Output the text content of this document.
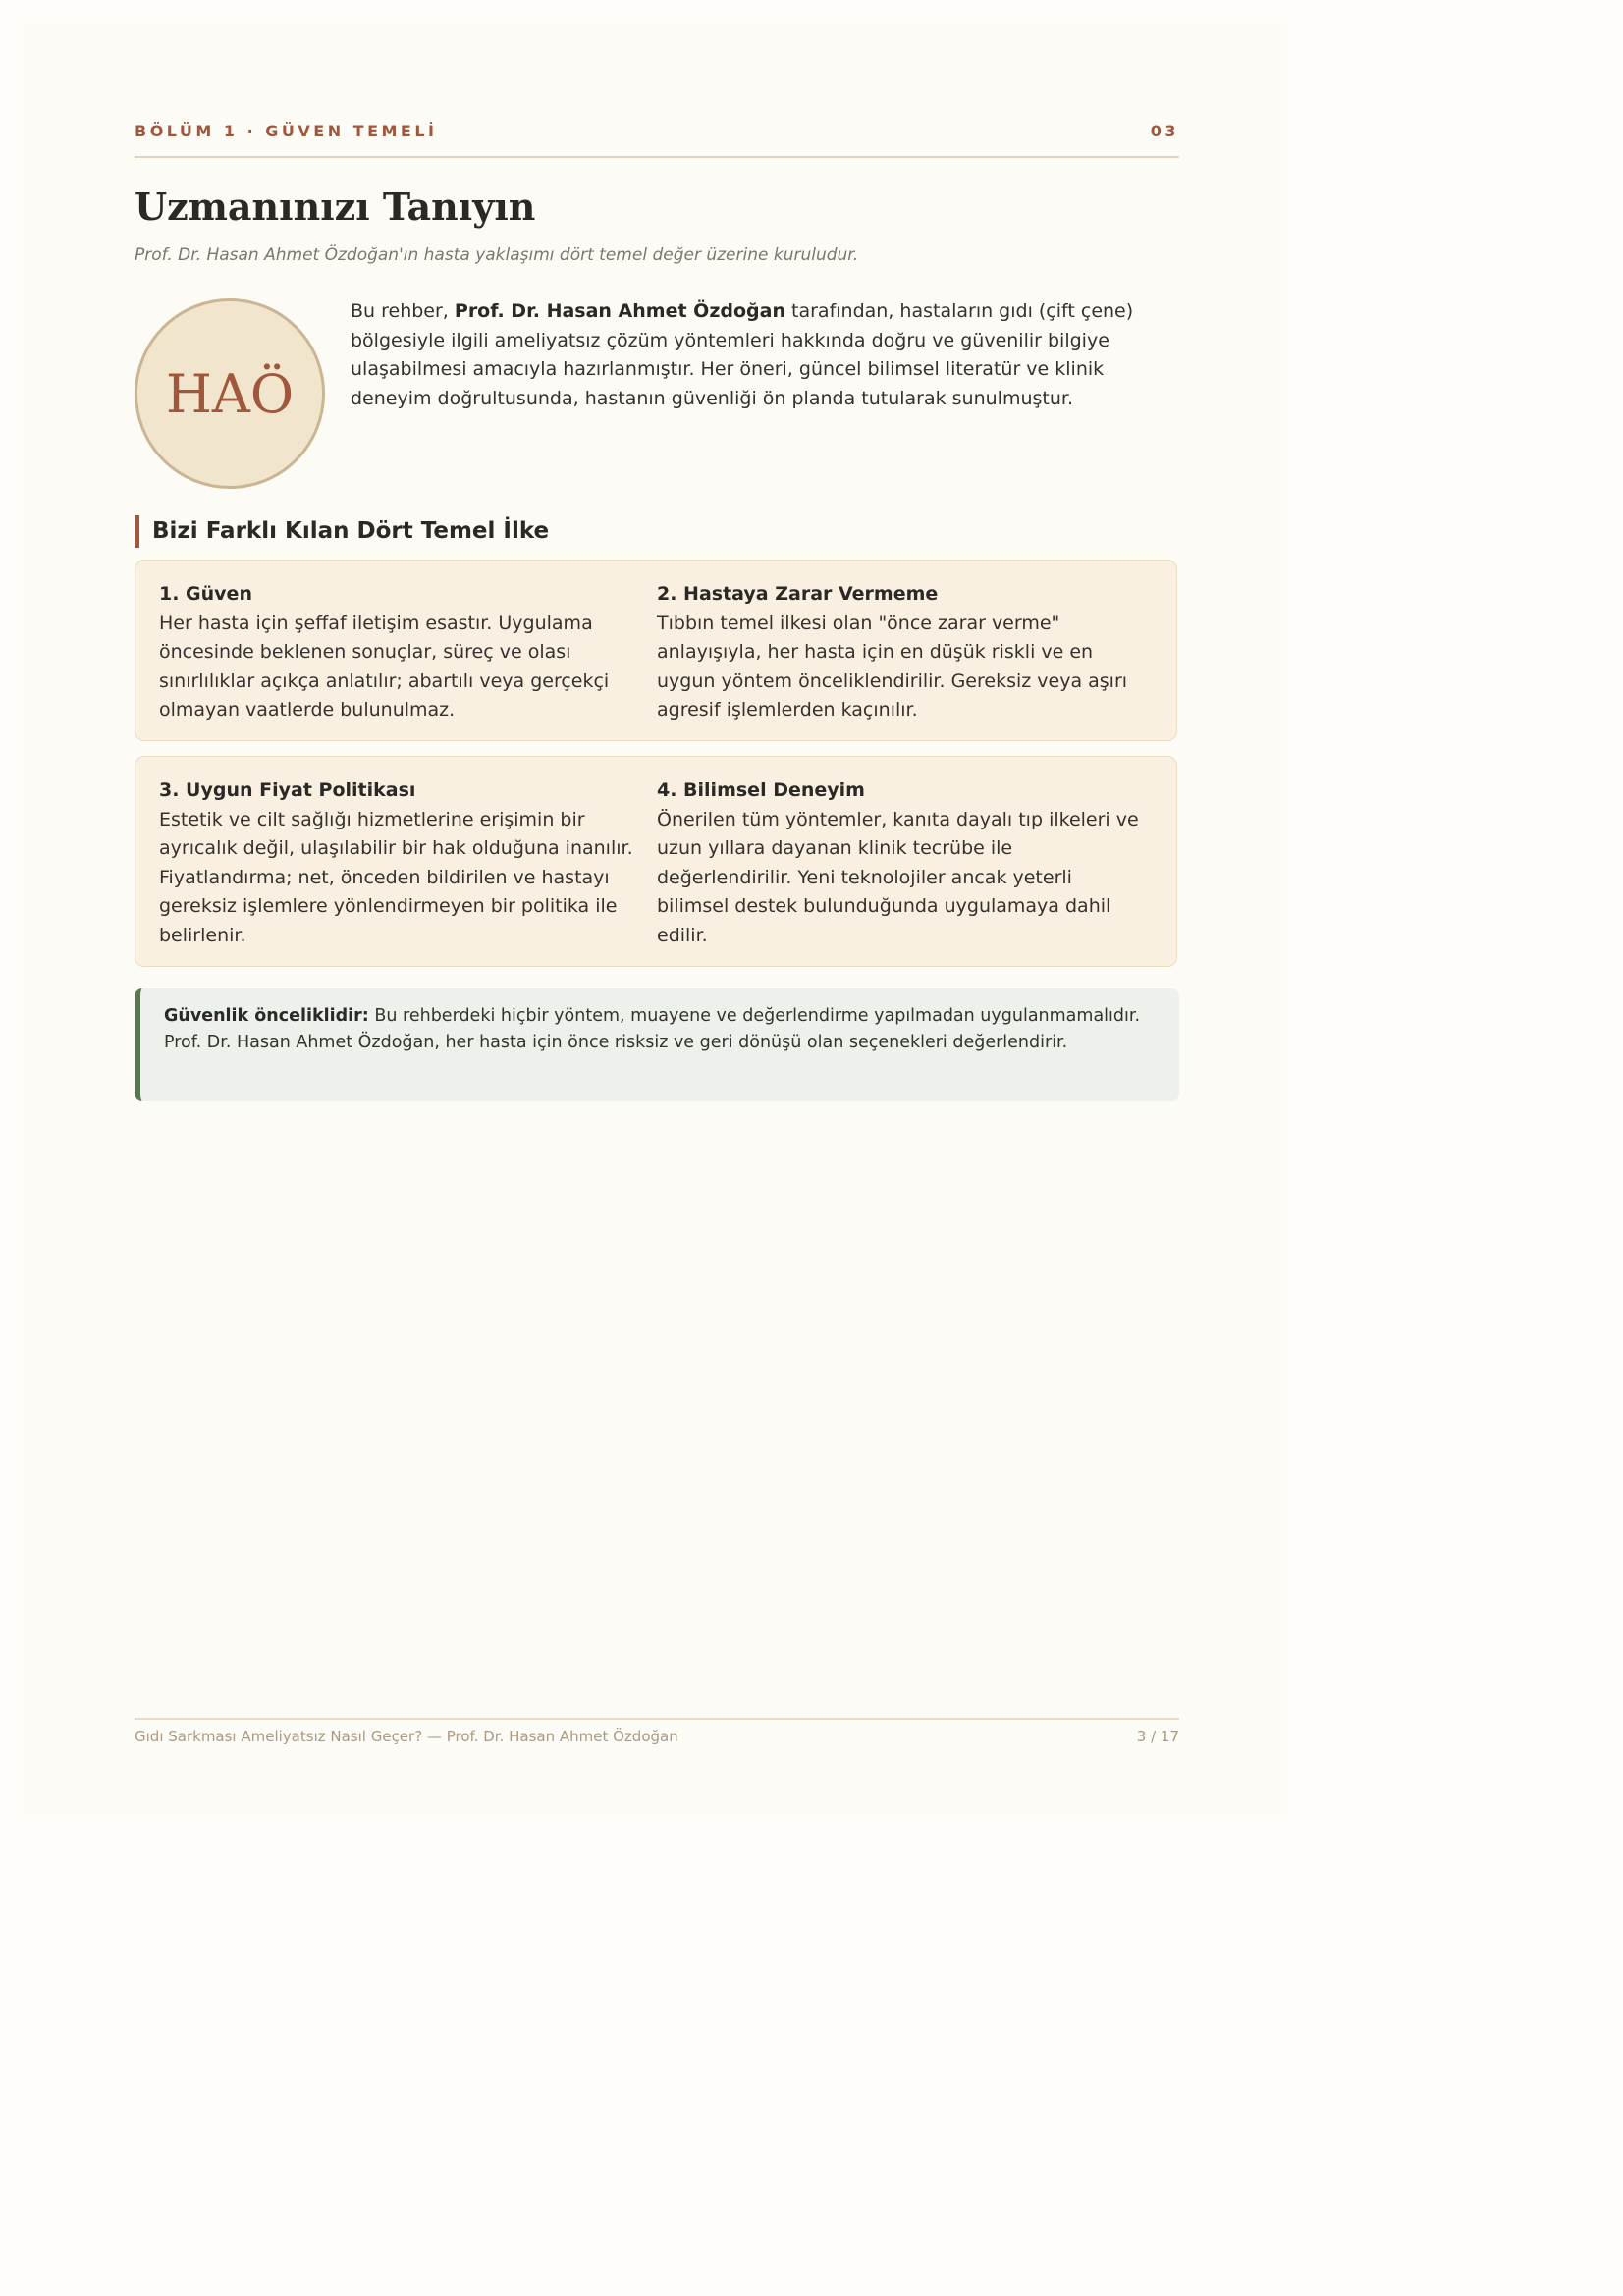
BÖLÜM 1 · GÜVEN TEMELİ	03
Uzmanınızı Tanıyın
Prof. Dr. Hasan Ahmet Özdoğan'ın hasta yaklaşımı dört temel değer üzerine kuruludur.
HAÖ
Bu rehber, Prof. Dr. Hasan Ahmet Özdoğan tarafından, hastaların gıdı (çift çene) bölgesiyle ilgili ameliyatsız çözüm yöntemleri hakkında doğru ve güvenilir bilgiye ulaşabilmesi amacıyla hazırlanmıştır. Her öneri, güncel bilimsel literatür ve klinik deneyim doğrultusunda, hastanın güvenliği ön planda tutularak sunulmuştur.
Bizi Farklı Kılan Dört Temel İlke
1. Güven
Her hasta için şeffaf iletişim esastır. Uygulama öncesinde beklenen sonuçlar, süreç ve olası sınırlılıklar açıkça anlatılır; abartılı veya gerçekçi olmayan vaatlerde bulunulmaz.
2. Hastaya Zarar Vermeme
Tıbbın temel ilkesi olan "önce zarar verme" anlayışıyla, her hasta için en düşük riskli ve en uygun yöntem önceliklendirilir. Gereksiz veya aşırı agresif işlemlerden kaçınılır.
3. Uygun Fiyat Politikası
Estetik ve cilt sağlığı hizmetlerine erişimin bir ayrıcalık değil, ulaşılabilir bir hak olduğuna inanılır. Fiyatlandırma; net, önceden bildirilen ve hastayı gereksiz işlemlere yönlendirmeyen bir politika ile belirlenir.
4. Bilimsel Deneyim
Önerilen tüm yöntemler, kanıta dayalı tıp ilkeleri ve uzun yıllara dayanan klinik tecrübe ile değerlendirilir. Yeni teknolojiler ancak yeterli bilimsel destek bulunduğunda uygulamaya dahil edilir.
Güvenlik önceliklidir: Bu rehberdeki hiçbir yöntem, muayene ve değerlendirme yapılmadan uygulanmamalıdır. Prof. Dr. Hasan Ahmet Özdoğan, her hasta için önce risksiz ve geri dönüşü olan seçenekleri değerlendirir.
Gıdı Sarkması Ameliyatsız Nasıl Geçer? — Prof. Dr. Hasan Ahmet Özdoğan	3 / 17
